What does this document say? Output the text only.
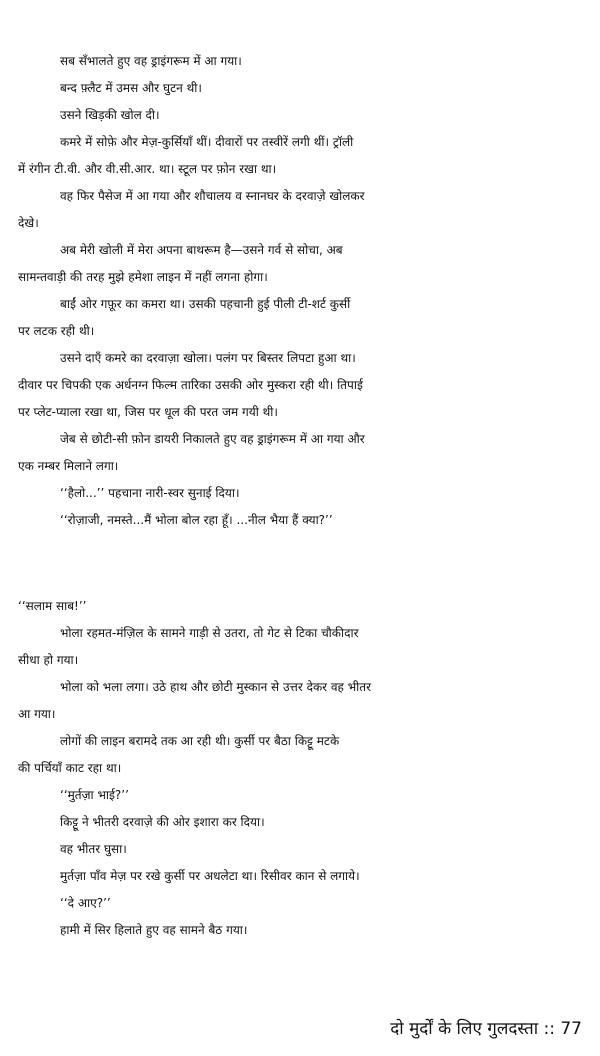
सब सँभालते हुए वह ड्राइंगरूम में आ गया।

बन्द फ़्लैट में उमस और घुटन थी।

उसने खिड़की खोल दी।

कमरे में सोफ़े और मेज़-कुर्सियाँ थीं। दीवारों पर तस्वीरें लगी थीं। ट्रॉली
में रंगीन टी.वी. और वी.सी.आर. था। स्टूल पर फ़ोन रखा था।

वह फिर पैसेज में आ गया और शौचालय व स्नानघर के दरवाज़े खोलकर
देखे।

अब मेरी खोली में मेरा अपना बाथरूम है—उसने गर्व से सोचा, अब
सामन्तवाड़ी की तरह मुझे हमेशा लाइन में नहीं लगना होगा।

बाईं ओर गफ़ूर का कमरा था। उसकी पहचानी हुई पीली टी-शर्ट कुर्सी
पर लटक रही थी।

उसने दाएँ कमरे का दरवाज़ा खोला। पलंग पर बिस्तर लिपटा हुआ था।
दीवार पर चिपकी एक अर्धनग्न फिल्म तारिका उसकी ओर मुस्करा रही थी। तिपाई
पर प्लेट-प्याला रखा था, जिस पर धूल की परत जम गयी थी।

जेब से छोटी-सी फ़ोन डायरी निकालते हुए वह ड्राइंगरूम में आ गया और
एक नम्बर मिलाने लगा।

‘‘हैलो...’’ पहचाना नारी-स्वर सुनाई दिया।

‘‘रोज़ाजी, नमस्ते...मैं भोला बोल रहा हूँ। ...नील भैया हैं क्या?’’

‘‘सलाम साब!’’

भोला रहमत-मंज़िल के सामने गाड़ी से उतरा, तो गेट से टिका चौकीदार
सीधा हो गया।

भोला को भला लगा। उठे हाथ और छोटी मुस्कान से उत्तर देकर वह भीतर
आ गया।

लोगों की लाइन बरामदे तक आ रही थी। कुर्सी पर बैठा किट्टू मटके
की पर्चियाँ काट रहा था।

‘‘मुर्तज़ा भाई?’’

किट्टू ने भीतरी दरवाज़े की ओर इशारा कर दिया।

वह भीतर घुसा।

मुर्तज़ा पाँव मेज़ पर रखे कुर्सी पर अधलेटा था। रिसीवर कान से लगाये।

‘‘दे आए?’’

हामी में सिर हिलाते हुए वह सामने बैठ गया।

दो मुर्दों के लिए गुलदस्ता :: 77
